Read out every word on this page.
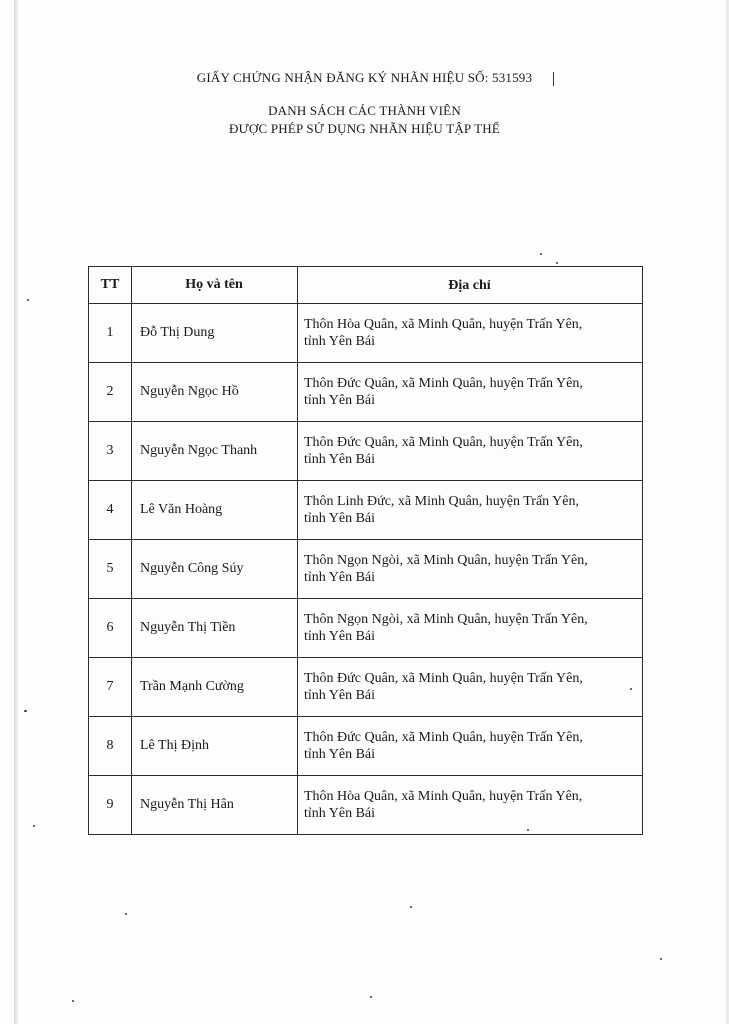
GIẤY CHỨNG NHẬN ĐĂNG KÝ NHÃN HIỆU SỐ: 531593
DANH SÁCH CÁC THÀNH VIÊN
ĐƯỢC PHÉP SỬ DỤNG NHÃN HIỆU TẬP THỂ
TT	Họ và tên	Địa chỉ
1	Đỗ Thị Dung	Thôn Hòa Quân, xã Minh Quân, huyện Trấn Yên,
tỉnh Yên Bái
2	Nguyễn Ngọc Hồ	Thôn Đức Quân, xã Minh Quân, huyện Trấn Yên,
tỉnh Yên Bái
3	Nguyễn Ngọc Thanh	Thôn Đức Quân, xã Minh Quân, huyện Trấn Yên,
tỉnh Yên Bái
4	Lê Văn Hoàng	Thôn Linh Đức, xã Minh Quân, huyện Trấn Yên,
tỉnh Yên Bái
5	Nguyễn Công Súy	Thôn Ngọn Ngòi, xã Minh Quân, huyện Trấn Yên,
tỉnh Yên Bái
6	Nguyễn Thị Tiền	Thôn Ngọn Ngòi, xã Minh Quân, huyện Trấn Yên,
tỉnh Yên Bái
7	Trần Mạnh Cường	Thôn Đức Quân, xã Minh Quân, huyện Trấn Yên,
tỉnh Yên Bái
8	Lê Thị Định	Thôn Đức Quân, xã Minh Quân, huyện Trấn Yên,
tỉnh Yên Bái
9	Nguyễn Thị Hân	Thôn Hòa Quân, xã Minh Quân, huyện Trấn Yên,
tỉnh Yên Bái
